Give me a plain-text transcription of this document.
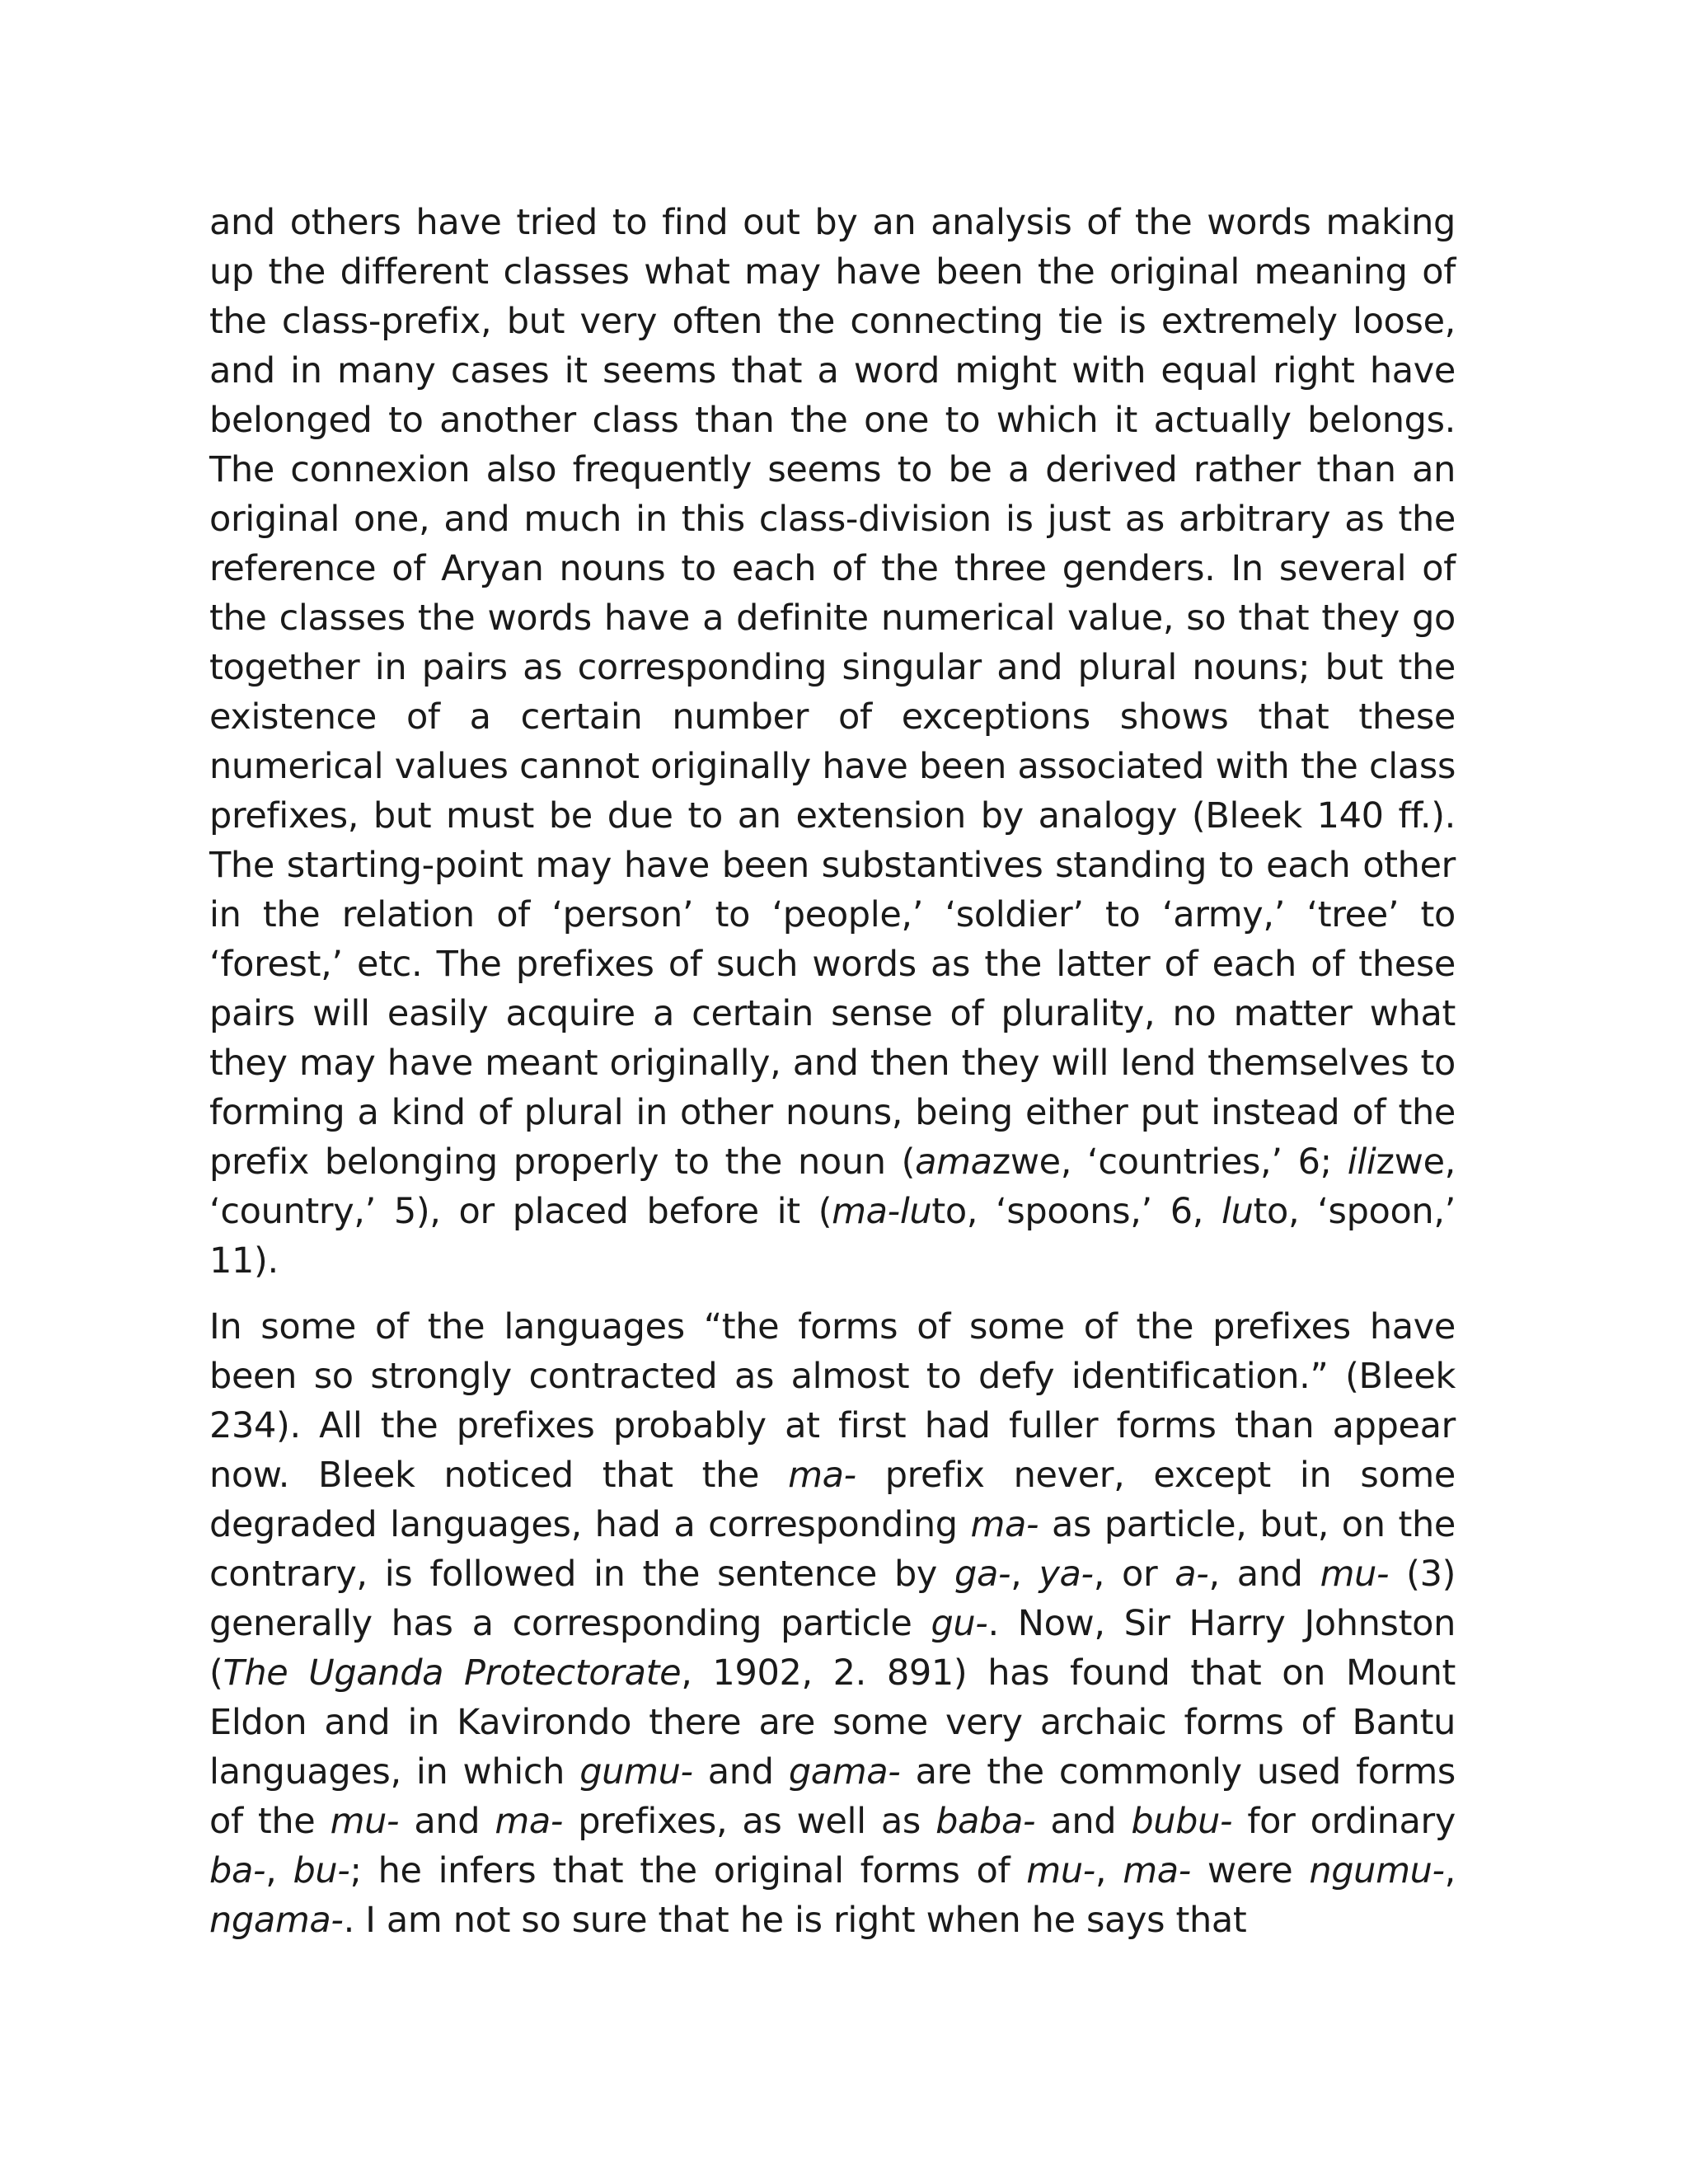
and others have tried to find out by an analysis of the words making up the different classes what may have been the original meaning of the class-prefix, but very often the connecting tie is extremely loose, and in many cases it seems that a word might with equal right have belonged to another class than the one to which it actually belongs. The connexion also frequently seems to be a derived rather than an original one, and much in this class-division is just as arbitrary as the reference of Aryan nouns to each of the three genders. In several of the classes the words have a definite numerical value, so that they go together in pairs as corresponding singular and plural nouns; but the existence of a certain number of exceptions shows that these numerical values cannot originally have been associated with the class prefixes, but must be due to an extension by analogy (Bleek 140 ff.). The starting-point may have been substantives standing to each other in the relation of ‘person’ to ‘people,’ ‘soldier’ to ‘army,’ ‘tree’ to ‘forest,’ etc. The prefixes of such words as the latter of each of these pairs will easily acquire a certain sense of plurality, no matter what they may have meant originally, and then they will lend themselves to forming a kind of plural in other nouns, being either put instead of the prefix belonging properly to the noun (amazwe, ‘countries,’ 6; ilizwe, ‘country,’ 5), or placed before it (ma-luto, ‘spoons,’ 6, luto, ‘spoon,’ 11).

In some of the languages “the forms of some of the prefixes have been so strongly contracted as almost to defy identification.” (Bleek 234). All the prefixes probably at first had fuller forms than appear now. Bleek noticed that the ma- prefix never, except in some degraded languages, had a corresponding ma- as particle, but, on the contrary, is followed in the sentence by ga-, ya-, or a-, and mu- (3) generally has a corresponding particle gu-. Now, Sir Harry Johnston (The Uganda Protectorate, 1902, 2. 891) has found that on Mount Eldon and in Kavirondo there are some very archaic forms of Bantu languages, in which gumu- and gama- are the commonly used forms of the mu- and ma- prefixes, as well as baba- and bubu- for ordinary ba-, bu-; he infers that the original forms of mu-, ma- were ngumu-, ngama-. I am not so sure that he is right when he says that
